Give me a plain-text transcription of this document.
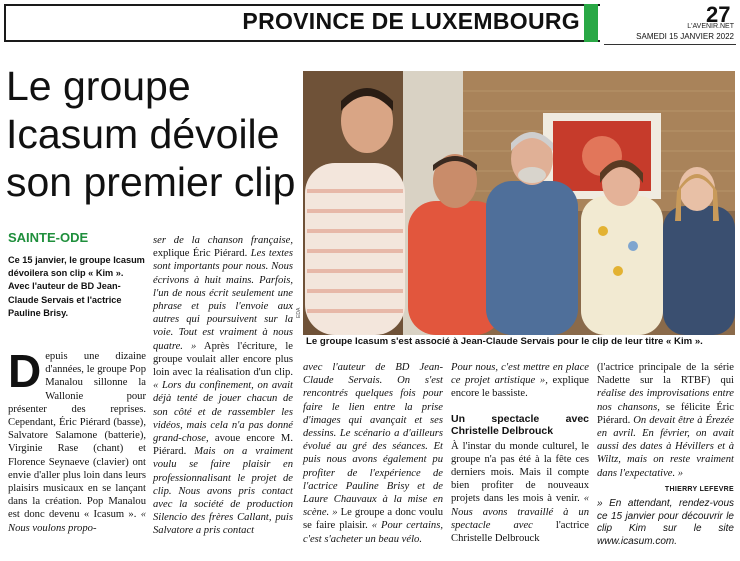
PROVINCE DE LUXEMBOURG	27
L'AVENIR.NET
SAMEDI 15 JANVIER 2022
Le groupe Icasum dévoile son premier clip
SAINTE-ODE
Ce 15 janvier, le groupe Icasum dévoilera son clip « Kim ». Avec l'auteur de BD Jean-Claude Servais et l'actrice Pauline Brisy.
Depuis une dizaine d'années, le groupe Pop Manalou sillonne la Wallonie pour présenter des reprises. Cependant, Éric Piérard (basse), Salvatore Salamone (batterie), Virginie Rase (chant) et Florence Seynaeve (clavier) ont envie d'aller plus loin dans leurs plaisirs musicaux en se lançant dans la création. Pop Manalou est donc devenu « Icasum ». « Nous voulons propo-
ser de la chanson française, explique Éric Piérard. Les textes sont importants pour nous. Nous écrivons à huit mains. Parfois, l'un de nous écrit seulement une phrase et puis l'envoie aux autres qui poursuivent sur la voie. Tout est vraiment à nous quatre. » Après l'écriture, le groupe voulait aller encore plus loin avec la réalisation d'un clip. « Lors du confinement, on avait déjà tenté de jouer chacun de son côté et de rassembler les vidéos, mais cela n'a pas donné grand-chose, avoue encore M. Piérard. Mais on a vraiment voulu se faire plaisir en professionnalisant le projet de clip. Nous avons pris contact avec la société de production Silencio des frères Callant, puis Salvatore a pris contact
EDA
Le groupe Icasum s'est associé à Jean-Claude Servais pour le clip de leur titre « Kim ».
avec l'auteur de BD Jean-Claude Servais. On s'est rencontrés quelques fois pour faire le lien entre la prise d'images qui avançait et ses dessins. Le scénario a d'ailleurs évolué au gré des séances. Et puis nous avons également pu profiter de l'expérience de l'actrice Pauline Brisy et de Laure Chauvaux à la mise en scène. » Le groupe a donc voulu se faire plaisir. « Pour certains, c'est s'acheter un beau vélo.
Pour nous, c'est mettre en place ce projet artistique », explique encore le bassiste.
Un spectacle avec Christelle Delbrouck
À l'instar du monde culturel, le groupe n'a pas été à la fête ces derniers mois. Mais il compte bien profiter de nouveaux projets dans les mois à venir. « Nous avons travaillé à un spectacle avec l'actrice Christelle Delbrouck
(l'actrice principale de la série Nadette sur la RTBF) qui réalise des improvisations entre nos chansons, se félicite Éric Piérard. On devait être à Érezée en avril. En février, on avait aussi des dates à Hévillers et à Wiltz, mais on reste vraiment dans l'expectative. »
THIERRY LEFEVRE
» En attendant, rendez-vous ce 15 janvier pour découvrir le clip Kim sur le site www.icasum.com.
